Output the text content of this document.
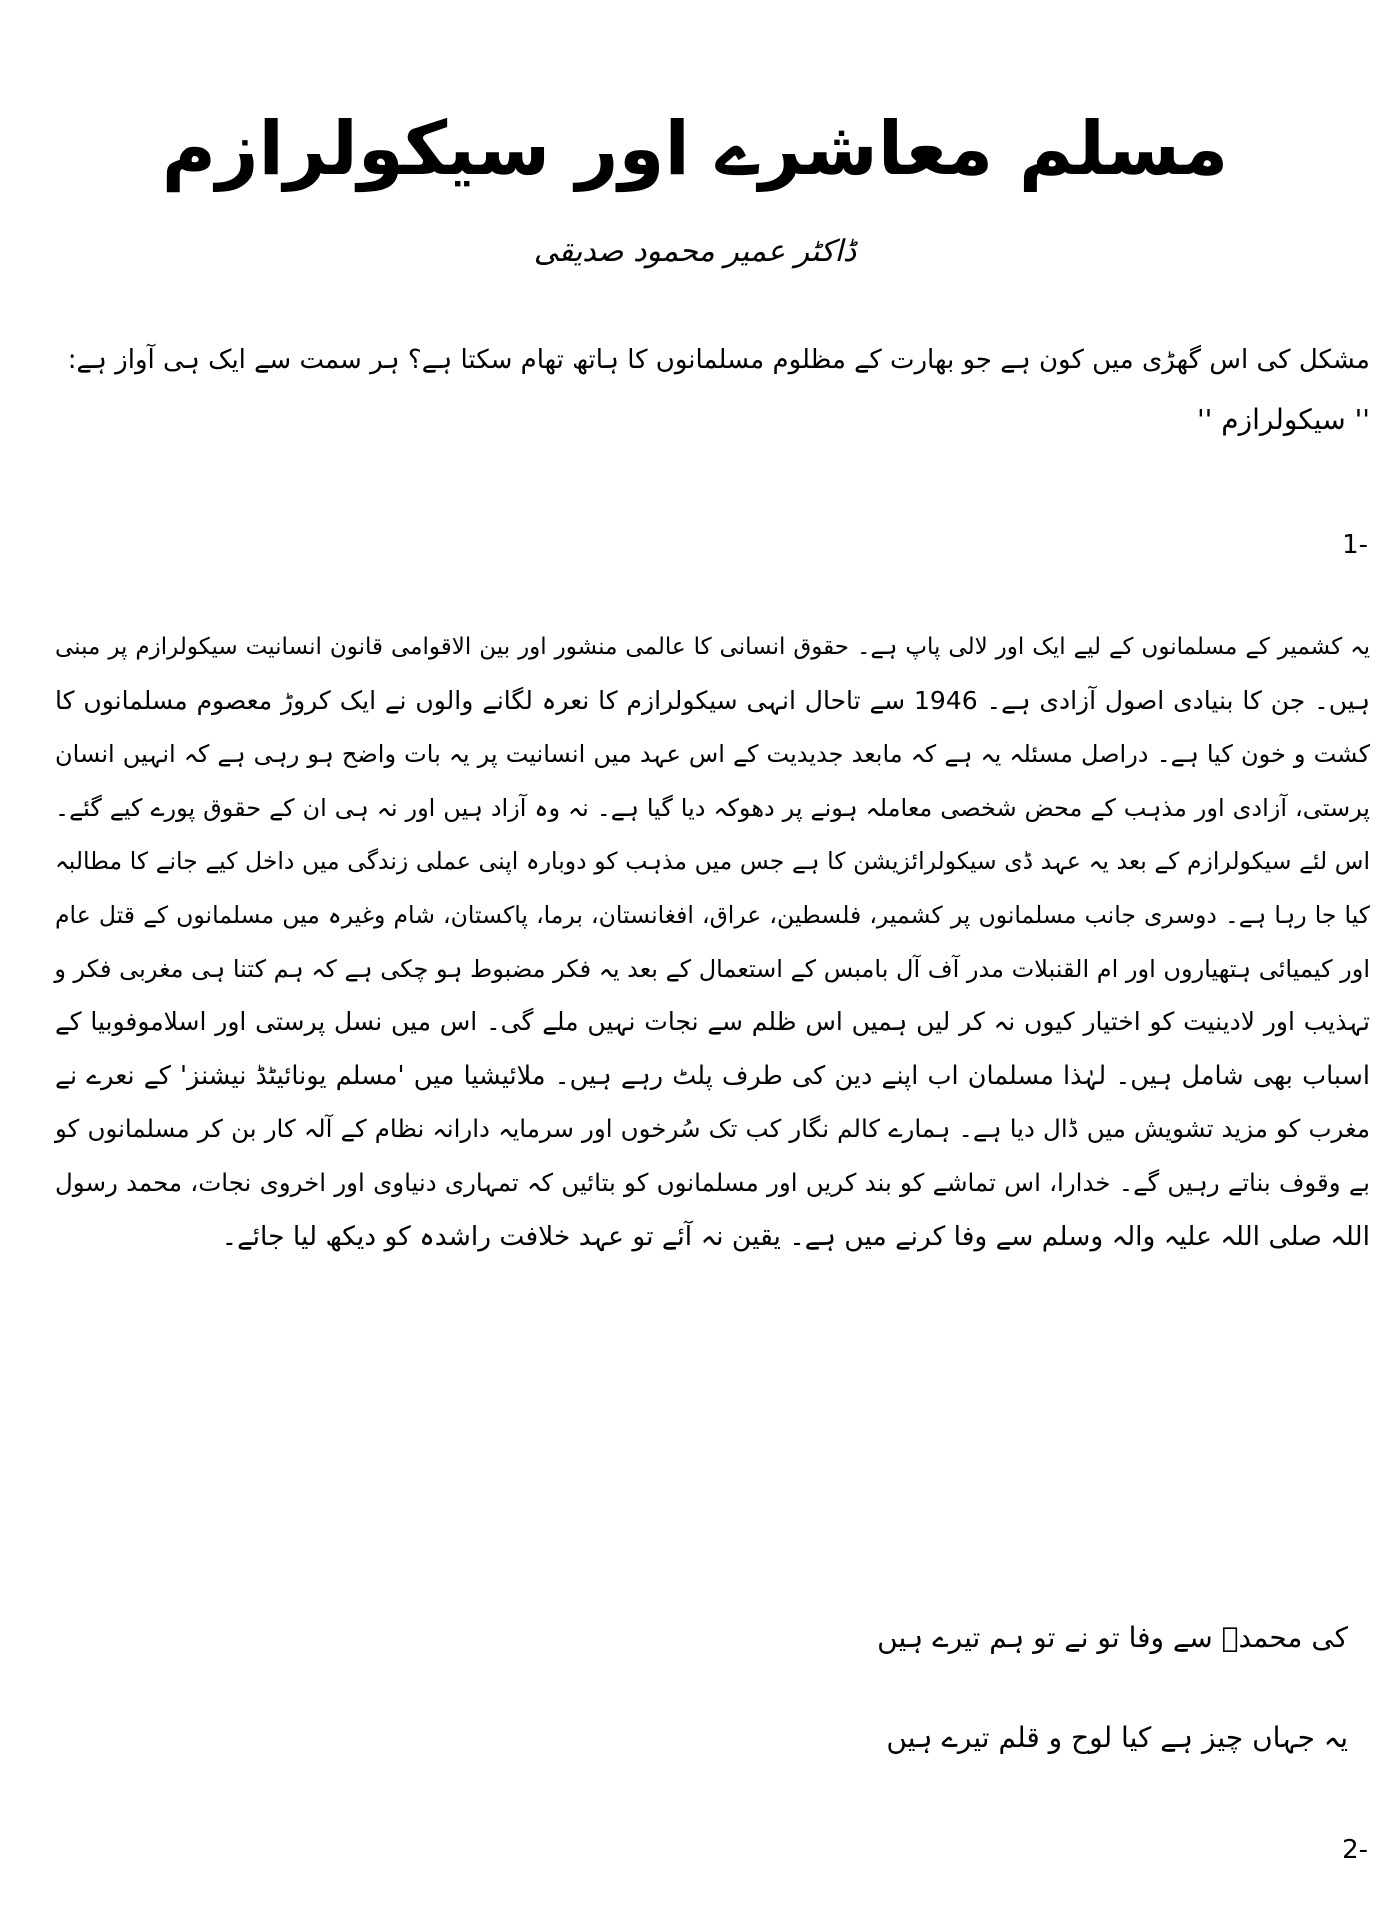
مسلم معاشرے اور سیکولرازم
ڈاکٹر عمیر محمود صدیقی
مشکل کی اس گھڑی میں کون ہے جو بھارت کے مظلوم مسلمانوں کا ہاتھ تھام سکتا ہے؟ ہر سمت سے ایک ہی آواز ہے:
'' سیکولرازم ''
1-
یہ کشمیر کے مسلمانوں کے لیے ایک اور لالی پاپ ہے۔ حقوق انسانی کا عالمی منشور اور بین الاقوامی قانون انسانیت سیکولرازم پر مبنی
ہیں۔ جن کا بنیادی اصول آزادی ہے۔ 1946 سے تاحال انہی سیکولرازم کا نعرہ لگانے والوں نے ایک کروڑ معصوم مسلمانوں کا
کشت و خون کیا ہے۔ دراصل مسئلہ یہ ہے کہ مابعد جدیدیت کے اس عہد میں انسانیت پر یہ بات واضح ہو رہی ہے کہ انہیں انسان
پرستی، آزادی اور مذہب کے محض شخصی معاملہ ہونے پر دھوکہ دیا گیا ہے۔ نہ وہ آزاد ہیں اور نہ ہی ان کے حقوق پورے کیے گئے۔
اس لئے سیکولرازم کے بعد یہ عہد ڈی سیکولرائزیشن کا ہے جس میں مذہب کو دوبارہ اپنی عملی زندگی میں داخل کیے جانے کا مطالبہ
کیا جا رہا ہے۔ دوسری جانب مسلمانوں پر کشمیر، فلسطین، عراق، افغانستان، برما، پاکستان، شام وغیرہ میں مسلمانوں کے قتل عام
اور کیمیائی ہتھیاروں اور ام القنبلات مدر آف آل بامبس کے استعمال کے بعد یہ فکر مضبوط ہو چکی ہے کہ ہم کتنا ہی مغربی فکر و
تہذیب اور لادینیت کو اختیار کیوں نہ کر لیں ہمیں اس ظلم سے نجات نہیں ملے گی۔ اس میں نسل پرستی اور اسلاموفوبیا کے
اسباب بھی شامل ہیں۔ لہٰذا مسلمان اب اپنے دین کی طرف پلٹ رہے ہیں۔ ملائیشیا میں 'مسلم یونائیٹڈ نیشنز' کے نعرے نے
مغرب کو مزید تشویش میں ڈال دیا ہے۔ ہمارے کالم نگار کب تک سُرخوں اور سرمایہ دارانہ نظام کے آلہ کار بن کر مسلمانوں کو
بے وقوف بناتے رہیں گے۔ خدارا، اس تماشے کو بند کریں اور مسلمانوں کو بتائیں کہ تمہاری دنیاوی اور اخروی نجات، محمد رسول
اللہ صلی اللہ علیہ والہ وسلم سے وفا کرنے میں ہے۔ یقین نہ آئے تو عہد خلافت راشدہ کو دیکھ لیا جائے۔
کی محمدؐ سے وفا تو نے تو ہم تیرے ہیں
یہ جہاں چیز ہے کیا لوح و قلم تیرے ہیں
2-
